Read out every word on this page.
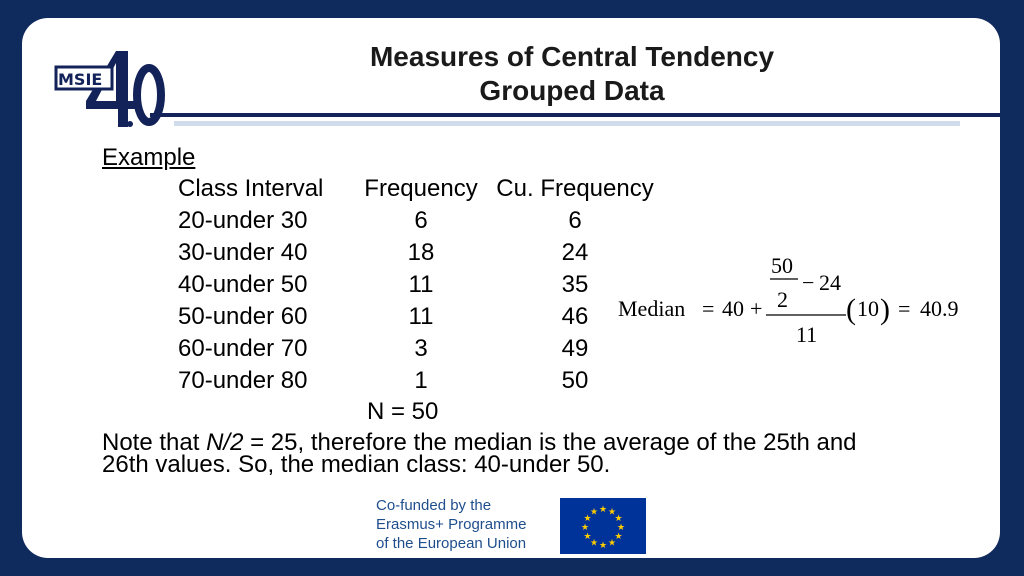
MSIE
Measures of Central Tendency
Grouped Data
Example
Class Interval	Frequency	Cu. Frequency
20-under 30	6	6
30-under 40	18	24
40-under 50	11	35
50-under 60	11	46
60-under 70	3	49
70-under 80	1	50
N = 50
Note that N/2 = 25, therefore the median is the average of the 25th and
26th values. So, the median class: 40-under 50.
Median = 40 +
50
− 24
2
11
( 10 ) = 40.9
Co-funded by the
Erasmus+ Programme
of the European Union
★ ★
★
★
★
★
★
★
★
★
★
★
